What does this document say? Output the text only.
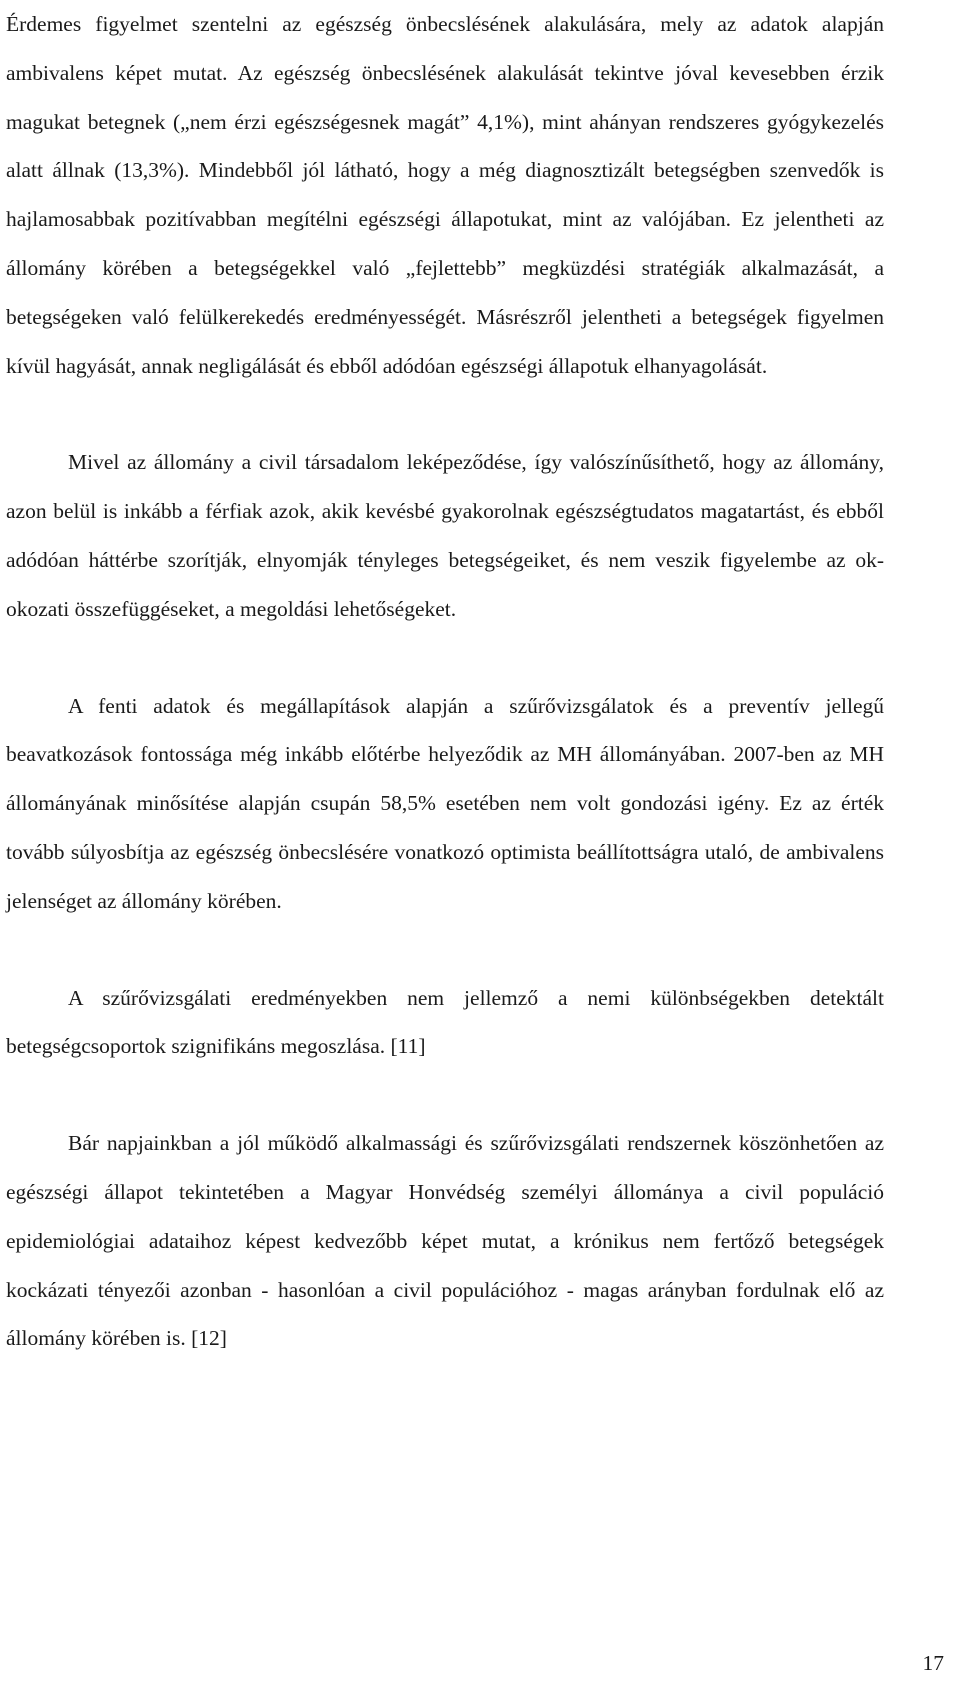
Érdemes figyelmet szentelni az egészség önbecslésének alakulására, mely az adatok alapján ambivalens képet mutat. Az egészség önbecslésének alakulását tekintve jóval kevesebben érzik magukat betegnek („nem érzi egészségesnek magát” 4,1%), mint ahányan rendszeres gyógykezelés alatt állnak (13,3%). Mindebből jól látható, hogy a még diagnosztizált betegségben szenvedők is hajlamosabbak pozitívabban megítélni egészségi állapotukat, mint az valójában. Ez jelentheti az állomány körében a betegségekkel való „fejlettebb” megküzdési stratégiák alkalmazását, a betegségeken való felülkerekedés eredményességét. Másrészről jelentheti a betegségek figyelmen kívül hagyását, annak negligálását és ebből adódóan egészségi állapotuk elhanyagolását.

Mivel az állomány a civil társadalom leképeződése, így valószínűsíthető, hogy az állomány, azon belül is inkább a férfiak azok, akik kevésbé gyakorolnak egészségtudatos magatartást, és ebből adódóan háttérbe szorítják, elnyomják tényleges betegségeiket, és nem veszik figyelembe az ok-okozati összefüggéseket, a megoldási lehetőségeket.

A fenti adatok és megállapítások alapján a szűrővizsgálatok és a preventív jellegű beavatkozások fontossága még inkább előtérbe helyeződik az MH állományában. 2007-ben az MH állományának minősítése alapján csupán 58,5% esetében nem volt gondozási igény. Ez az érték tovább súlyosbítja az egészség önbecslésére vonatkozó optimista beállítottságra utaló, de ambivalens jelenséget az állomány körében.

A szűrővizsgálati eredményekben nem jellemző a nemi különbségekben detektált betegségcsoportok szignifikáns megoszlása. [11]

Bár napjainkban a jól működő alkalmassági és szűrővizsgálati rendszernek köszönhetően az egészségi állapot tekintetében a Magyar Honvédség személyi állománya a civil populáció epidemiológiai adataihoz képest kedvezőbb képet mutat, a krónikus nem fertőző betegségek kockázati tényezői azonban - hasonlóan a civil populációhoz - magas arányban fordulnak elő az állomány körében is. [12]

17
